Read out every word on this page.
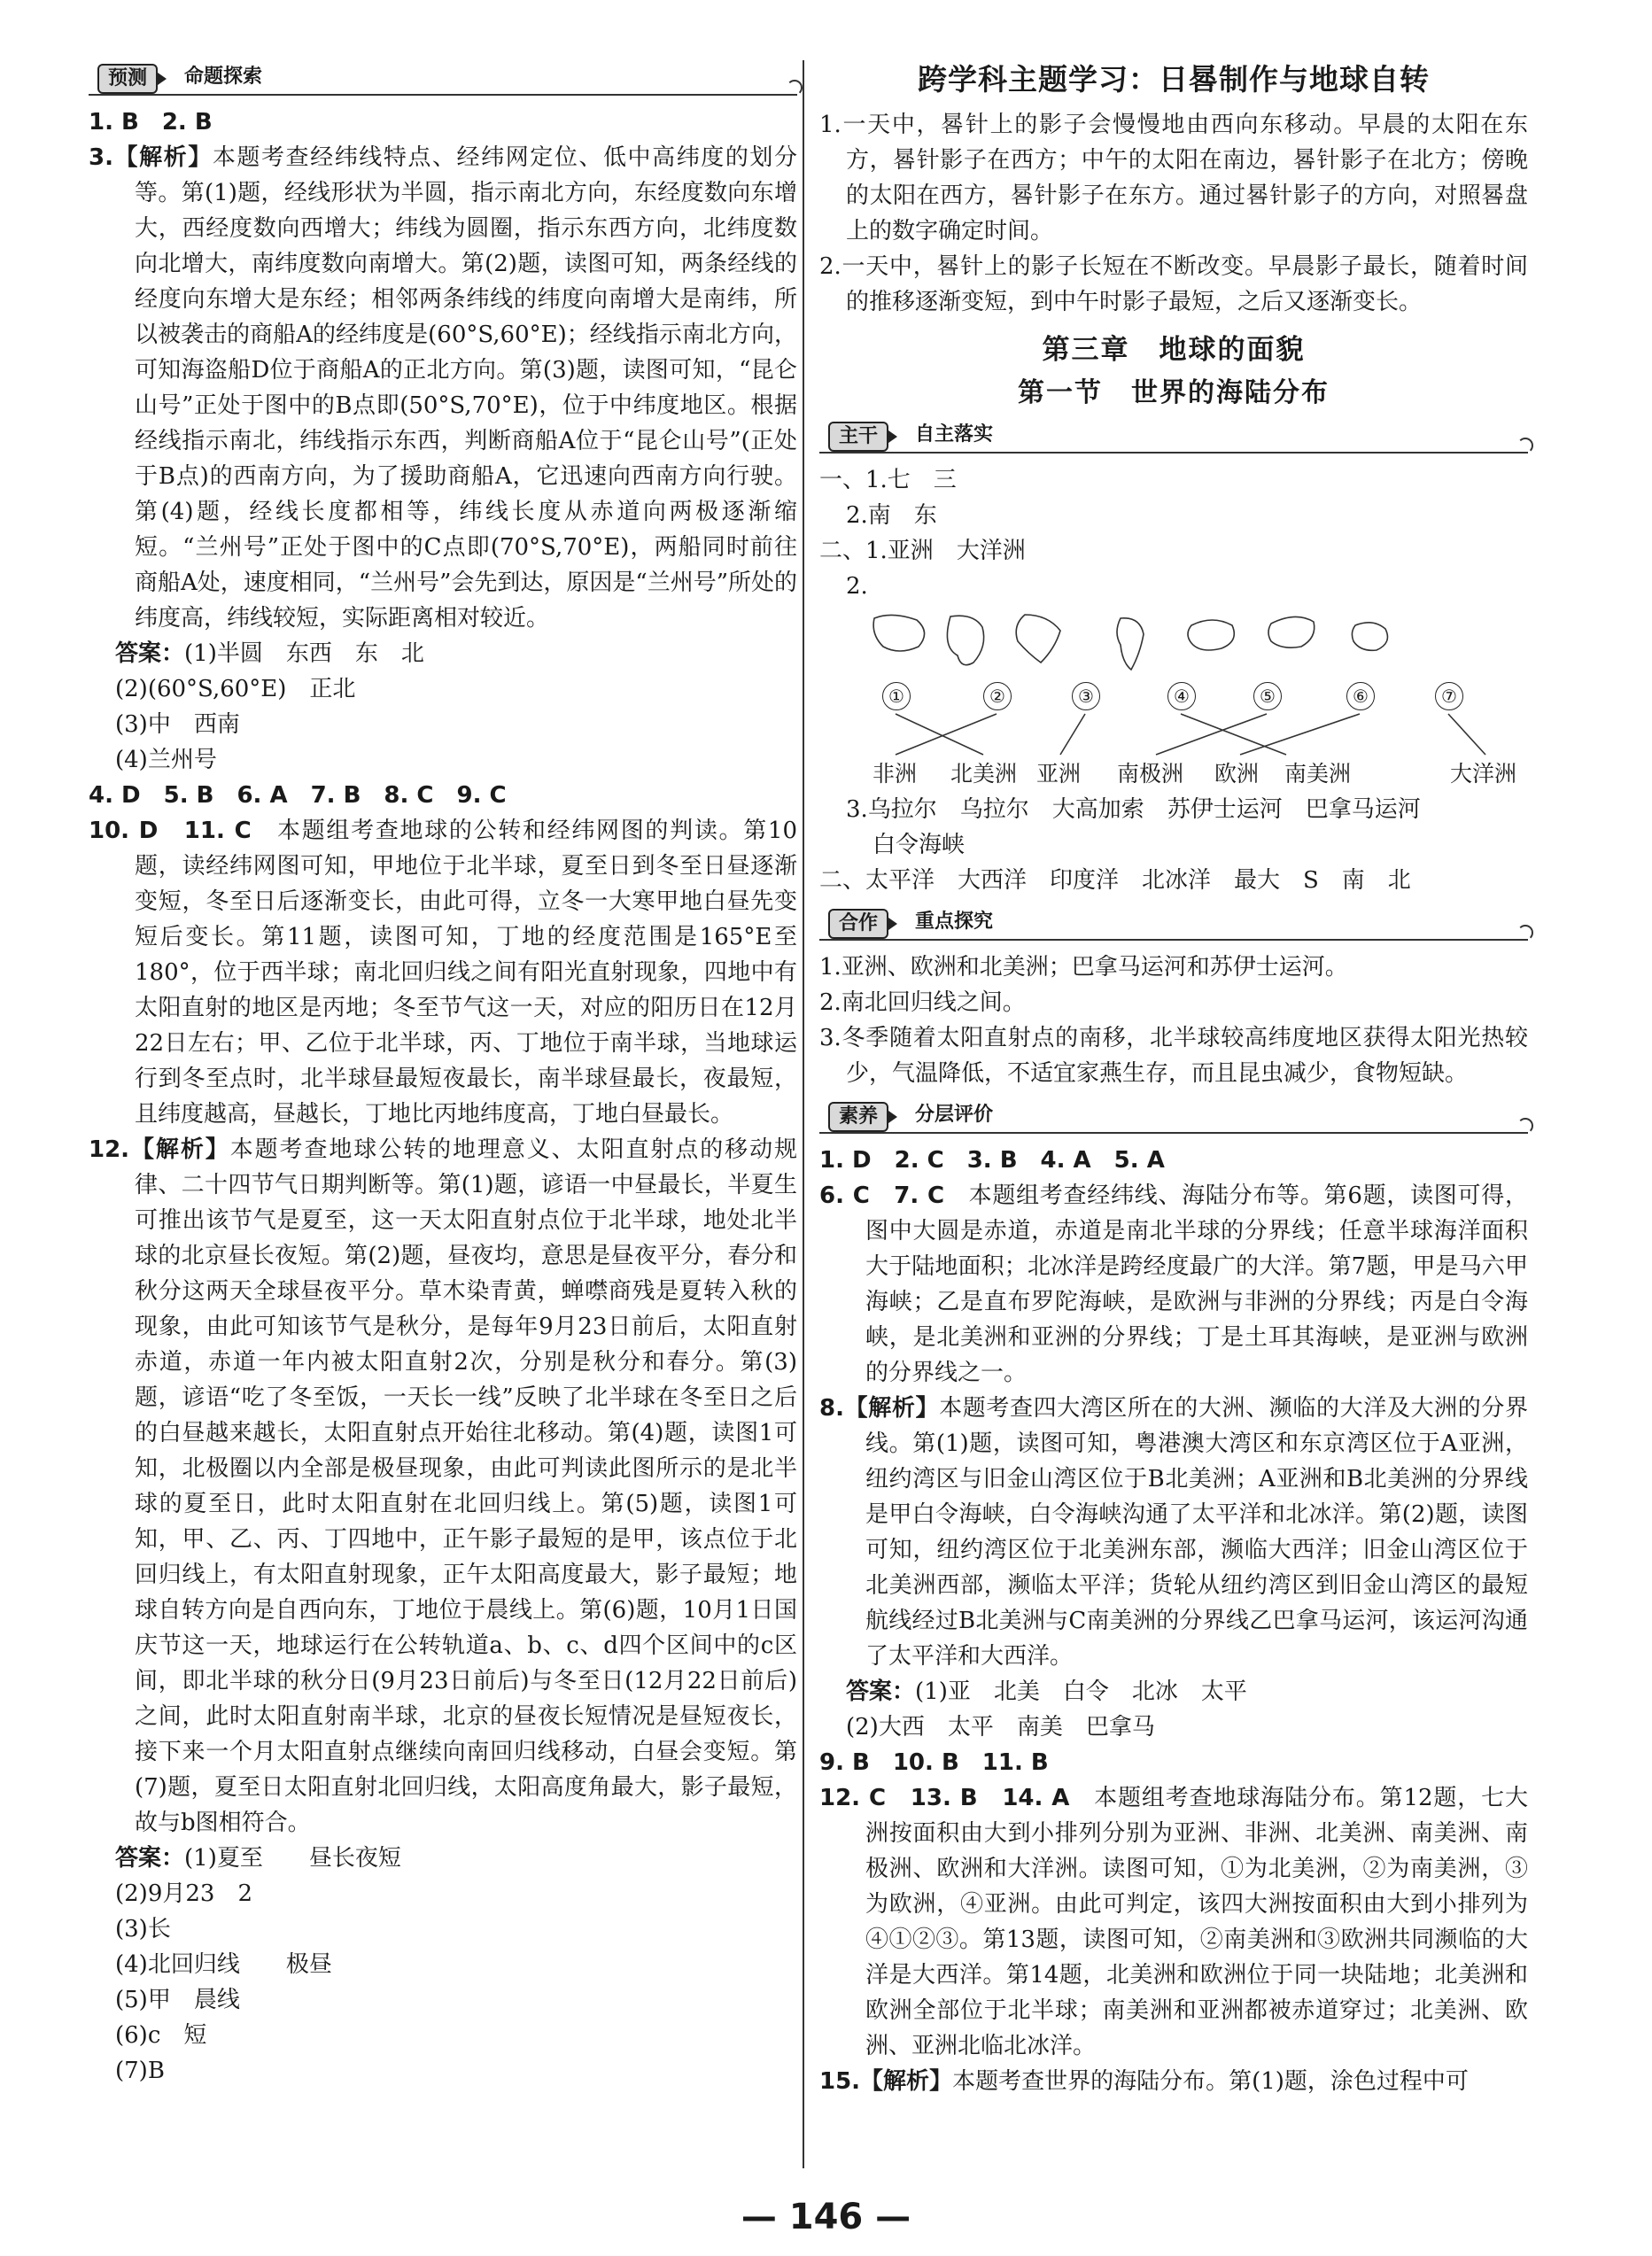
预测	命题探索

1. B　2. B

3.【解析】本题考查经纬线特点、经纬网定位、低中高纬度的划分等。第(1)题，经线形状为半圆，指示南北方向，东经度数向东增大，西经度数向西增大；纬线为圆圈，指示东西方向，北纬度数向北增大，南纬度数向南增大。第(2)题，读图可知，两条经线的经度向东增大是东经；相邻两条纬线的纬度向南增大是南纬，所以被袭击的商船A的经纬度是(60°S,60°E)；经线指示南北方向，可知海盗船D位于商船A的正北方向。第(3)题，读图可知，“昆仑山号”正处于图中的B点即(50°S,70°E)，位于中纬度地区。根据经线指示南北，纬线指示东西，判断商船A位于“昆仑山号”(正处于B点)的西南方向，为了援助商船A，它迅速向西南方向行驶。第(4)题，经线长度都相等，纬线长度从赤道向两极逐渐缩短。“兰州号”正处于图中的C点即(70°S,70°E)，两船同时前往商船A处，速度相同，“兰州号”会先到达，原因是“兰州号”所处的纬度高，纬线较短，实际距离相对较近。

答案：(1)半圆　东西　东　北

(2)(60°S,60°E)　正北

(3)中　西南

(4)兰州号

4. D　5. B　6. A　7. B　8. C　9. C

10. D　11. C　本题组考查地球的公转和经纬网图的判读。第10题，读经纬网图可知，甲地位于北半球，夏至日到冬至日昼逐渐变短，冬至日后逐渐变长，由此可得，立冬一大寒甲地白昼先变短后变长。第11题，读图可知，丁地的经度范围是165°E至180°，位于西半球；南北回归线之间有阳光直射现象，四地中有太阳直射的地区是丙地；冬至节气这一天，对应的阳历日在12月22日左右；甲、乙位于北半球，丙、丁地位于南半球，当地球运行到冬至点时，北半球昼最短夜最长，南半球昼最长，夜最短，且纬度越高，昼越长，丁地比丙地纬度高，丁地白昼最长。

12.【解析】本题考查地球公转的地理意义、太阳直射点的移动规律、二十四节气日期判断等。第(1)题，谚语一中昼最长，半夏生可推出该节气是夏至，这一天太阳直射点位于北半球，地处北半球的北京昼长夜短。第(2)题，昼夜均，意思是昼夜平分，春分和秋分这两天全球昼夜平分。草木染青黄，蝉噤商残是夏转入秋的现象，由此可知该节气是秋分，是每年9月23日前后，太阳直射赤道，赤道一年内被太阳直射2次，分别是秋分和春分。第(3)题，谚语“吃了冬至饭，一天长一线”反映了北半球在冬至日之后的白昼越来越长，太阳直射点开始往北移动。第(4)题，读图1可知，北极圈以内全部是极昼现象，由此可判读此图所示的是北半球的夏至日，此时太阳直射在北回归线上。第(5)题，读图1可知，甲、乙、丙、丁四地中，正午影子最短的是甲，该点位于北回归线上，有太阳直射现象，正午太阳高度最大，影子最短；地球自转方向是自西向东，丁地位于晨线上。第(6)题，10月1日国庆节这一天，地球运行在公转轨道a、b、c、d四个区间中的c区间，即北半球的秋分日(9月23日前后)与冬至日(12月22日前后)之间，此时太阳直射南半球，北京的昼夜长短情况是昼短夜长，接下来一个月太阳直射点继续向南回归线移动，白昼会变短。第(7)题，夏至日太阳直射北回归线，太阳高度角最大，影子最短，故与b图相符合。

答案：(1)夏至　　昼长夜短

(2)9月23　2

(3)长

(4)北回归线　　极昼

(5)甲　晨线

(6)c　短

(7)B

跨学科主题学习：日晷制作与地球自转

1.一天中，晷针上的影子会慢慢地由西向东移动。早晨的太阳在东方，晷针影子在西方；中午的太阳在南边，晷针影子在北方；傍晚的太阳在西方，晷针影子在东方。通过晷针影子的方向，对照晷盘上的数字确定时间。

2.一天中，晷针上的影子长短在不断改变。早晨影子最长，随着时间的推移逐渐变短，到中午时影子最短，之后又逐渐变长。

第三章　地球的面貌
第一节　世界的海陆分布
主干	自主落实

一、1.七　三

2.南　东

二、1.亚洲　大洋洲

2.

①	②	③	④	⑤	⑥	⑦
非洲 北美洲 亚洲 南极洲 欧洲 南美洲	大洋洲

3.乌拉尔　乌拉尔　大高加索　苏伊士运河　巴拿马运河

白令海峡

二、太平洋　大西洋　印度洋　北冰洋　最大　S　南　北

合作	重点探究

1.亚洲、欧洲和北美洲；巴拿马运河和苏伊士运河。

2.南北回归线之间。

3.冬季随着太阳直射点的南移，北半球较高纬度地区获得太阳光热较少，气温降低，不适宜家燕生存，而且昆虫减少，食物短缺。

素养	分层评价

1. D　2. C　3. B　4. A　5. A

6. C　7. C　本题组考查经纬线、海陆分布等。第6题，读图可得，图中大圆是赤道，赤道是南北半球的分界线；任意半球海洋面积大于陆地面积；北冰洋是跨经度最广的大洋。第7题，甲是马六甲海峡；乙是直布罗陀海峡，是欧洲与非洲的分界线；丙是白令海峡，是北美洲和亚洲的分界线；丁是土耳其海峡，是亚洲与欧洲的分界线之一。

8.【解析】本题考查四大湾区所在的大洲、濒临的大洋及大洲的分界线。第(1)题，读图可知，粤港澳大湾区和东京湾区位于A亚洲，纽约湾区与旧金山湾区位于B北美洲；A亚洲和B北美洲的分界线是甲白令海峡，白令海峡沟通了太平洋和北冰洋。第(2)题，读图可知，纽约湾区位于北美洲东部，濒临大西洋；旧金山湾区位于北美洲西部，濒临太平洋；货轮从纽约湾区到旧金山湾区的最短航线经过B北美洲与C南美洲的分界线乙巴拿马运河，该运河沟通了太平洋和大西洋。

答案：(1)亚　北美　白令　北冰　太平

(2)大西　太平　南美　巴拿马

9. B　10. B　11. B

12. C　13. B　14. A　本题组考查地球海陆分布。第12题，七大洲按面积由大到小排列分别为亚洲、非洲、北美洲、南美洲、南极洲、欧洲和大洋洲。读图可知，①为北美洲，②为南美洲，③为欧洲，④亚洲。由此可判定，该四大洲按面积由大到小排列为④①②③。第13题，读图可知，②南美洲和③欧洲共同濒临的大洋是大西洋。第14题，北美洲和欧洲位于同一块陆地；北美洲和欧洲全部位于北半球；南美洲和亚洲都被赤道穿过；北美洲、欧洲、亚洲北临北冰洋。

15.【解析】本题考查世界的海陆分布。第(1)题，涂色过程中可

— 146 —
